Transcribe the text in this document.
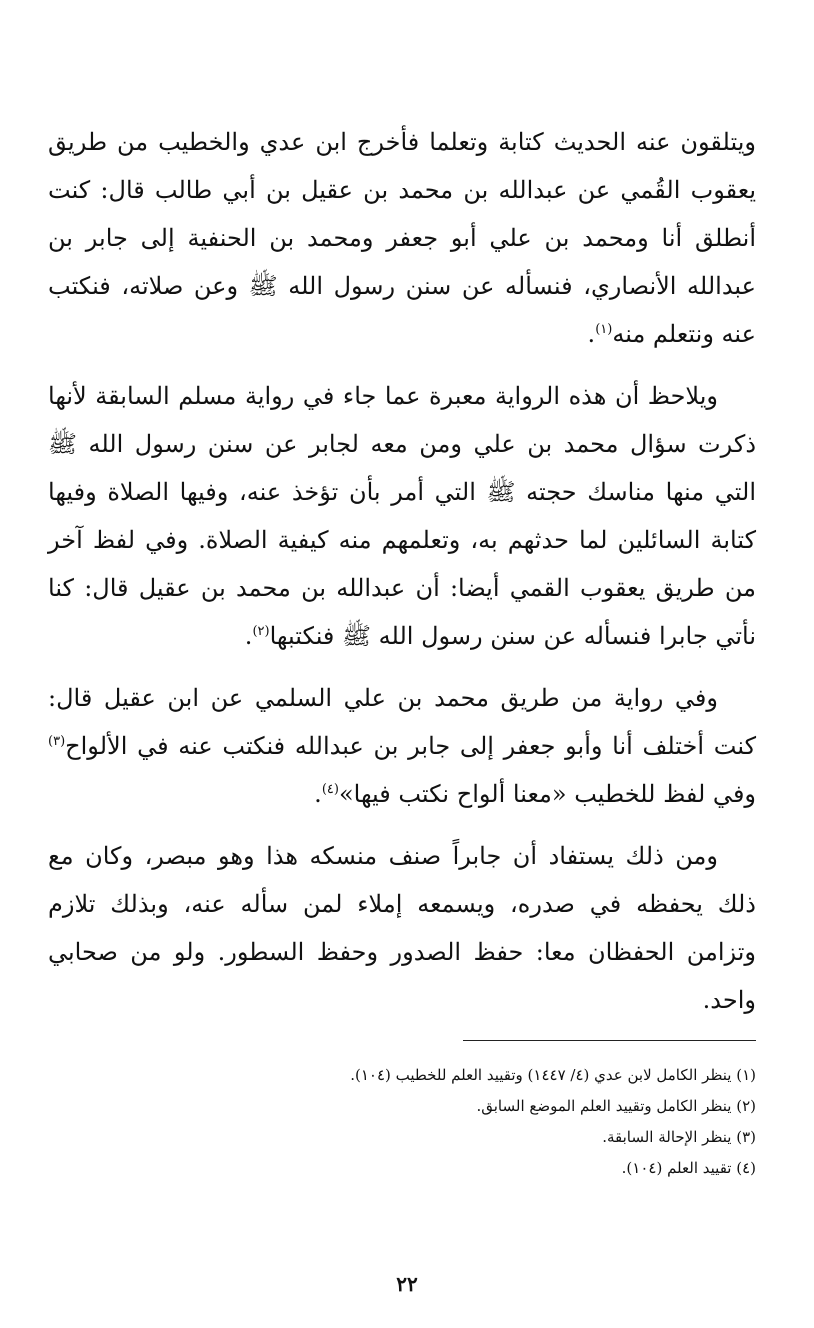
ويتلقون عنه الحديث كتابة وتعلما فأخرج ابن عدي والخطيب من طريق يعقوب القُمي عن عبدالله بن محمد بن عقيل بن أبي طالب قال: كنت أنطلق أنا ومحمد بن علي أبو جعفر ومحمد بن الحنفية إلى جابر بن عبدالله الأنصاري، فنسأله عن سنن رسول الله ﷺ وعن صلاته، فنكتب عنه ونتعلم منه$^{(١)}$.

ويلاحظ أن هذه الرواية معبرة عما جاء في رواية مسلم السابقة لأنها ذكرت سؤال محمد بن علي ومن معه لجابر عن سنن رسول الله ﷺ التي منها مناسك حجته ﷺ التي أمر بأن تؤخذ عنه، وفيها الصلاة وفيها كتابة السائلين لما حدثهم به، وتعلمهم منه كيفية الصلاة. وفي لفظ آخر من طريق يعقوب القمي أيضا: أن عبدالله بن محمد بن عقيل قال: كنا نأتي جابرا فنسأله عن سنن رسول الله ﷺ فنكتبها$^{(٢)}$.

وفي رواية من طريق محمد بن علي السلمي عن ابن عقيل قال: كنت أختلف أنا وأبو جعفر إلى جابر بن عبدالله فنكتب عنه في الألواح$^{(٣)}$ وفي لفظ للخطيب «معنا ألواح نكتب فيها»$^{(٤)}$.

ومن ذلك يستفاد أن جابراً صنف منسكه هذا وهو مبصر، وكان مع ذلك يحفظه في صدره، ويسمعه إملاء لمن سأله عنه، وبذلك تلازم وتزامن الحفظان معا: حفظ الصدور وحفظ السطور. ولو من صحابي واحد.

(١) ينظر الكامل لابن عدي (٤/ ١٤٤٧) وتقييد العلم للخطيب (١٠٤).
(٢) ينظر الكامل وتقييد العلم الموضع السابق.
(٣) ينظر الإحالة السابقة.
(٤) تقييد العلم (١٠٤).
٢٢
